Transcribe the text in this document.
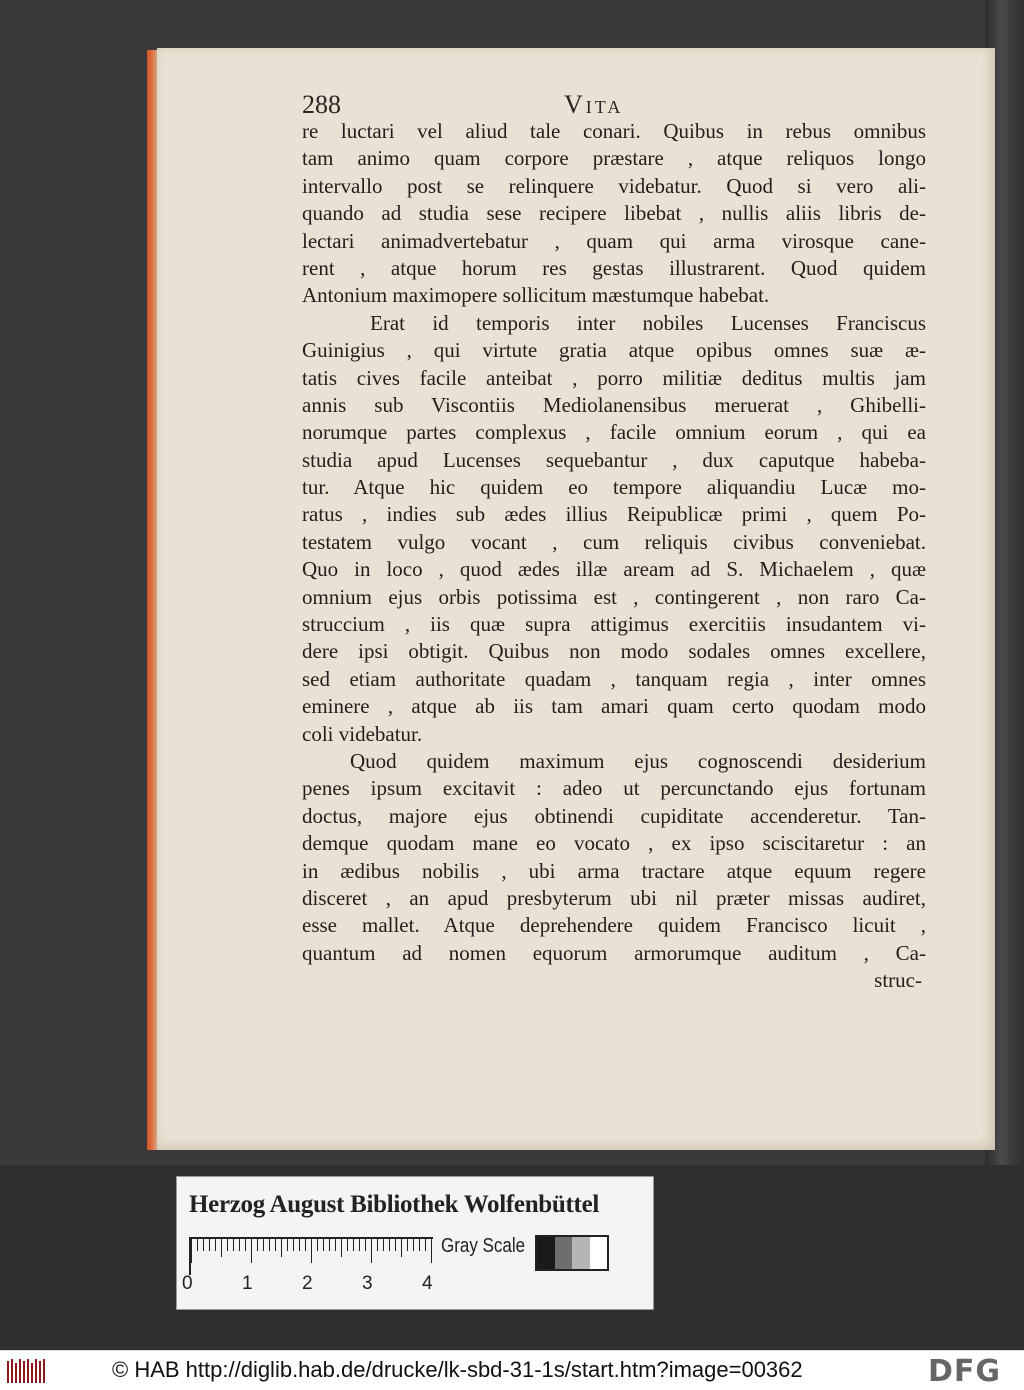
288	Vita
re luctari vel aliud tale conari. Quibus in rebus omnibus
tam animo quam corpore præstare , atque reliquos longo
intervallo post se relinquere videbatur. Quod si vero ali-
quando ad studia sese recipere libebat , nullis aliis libris de-
lectari animadvertebatur , quam qui arma virosque cane-
rent , atque horum res gestas illustrarent. Quod quidem
Antonium maximopere sollicitum mæstumque habebat.
Erat id temporis inter nobiles Lucenses Franciscus
Guinigius , qui virtute gratia atque opibus omnes suæ æ-
tatis cives facile anteibat , porro militiæ deditus multis jam
annis sub Viscontiis Mediolanensibus meruerat , Ghibelli-
norumque partes complexus , facile omnium eorum , qui ea
studia apud Lucenses sequebantur , dux caputque habeba-
tur. Atque hic quidem eo tempore aliquandiu Lucæ mo-
ratus , indies sub ædes illius Reipublicæ primi , quem Po-
testatem vulgo vocant , cum reliquis civibus conveniebat.
Quo in loco , quod ædes illæ aream ad S. Michaelem , quæ
omnium ejus orbis potissima est , contingerent , non raro Ca-
struccium , iis quæ supra attigimus exercitiis insudantem vi-
dere ipsi obtigit. Quibus non modo sodales omnes excellere,
sed etiam authoritate quadam , tanquam regia , inter omnes
eminere , atque ab iis tam amari quam certo quodam modo
coli videbatur.
Quod quidem maximum ejus cognoscendi desiderium
penes ipsum excitavit : adeo ut percunctando ejus fortunam
doctus, majore ejus obtinendi cupiditate accenderetur. Tan-
demque quodam mane eo vocato , ex ipso sciscitaretur : an
in ædibus nobilis , ubi arma tractare atque equum regere
disceret , an apud presbyterum ubi nil præter missas audiret,
esse mallet. Atque deprehendere quidem Francisco licuit ,
quantum ad nomen equorum armorumque auditum , Ca-
struc-
Herzog August Bibliothek Wolfenbüttel
0	1	2	3	4
Gray Scale
© HAB http://diglib.hab.de/drucke/lk-sbd-31-1s/start.htm?image=00362	DFG
